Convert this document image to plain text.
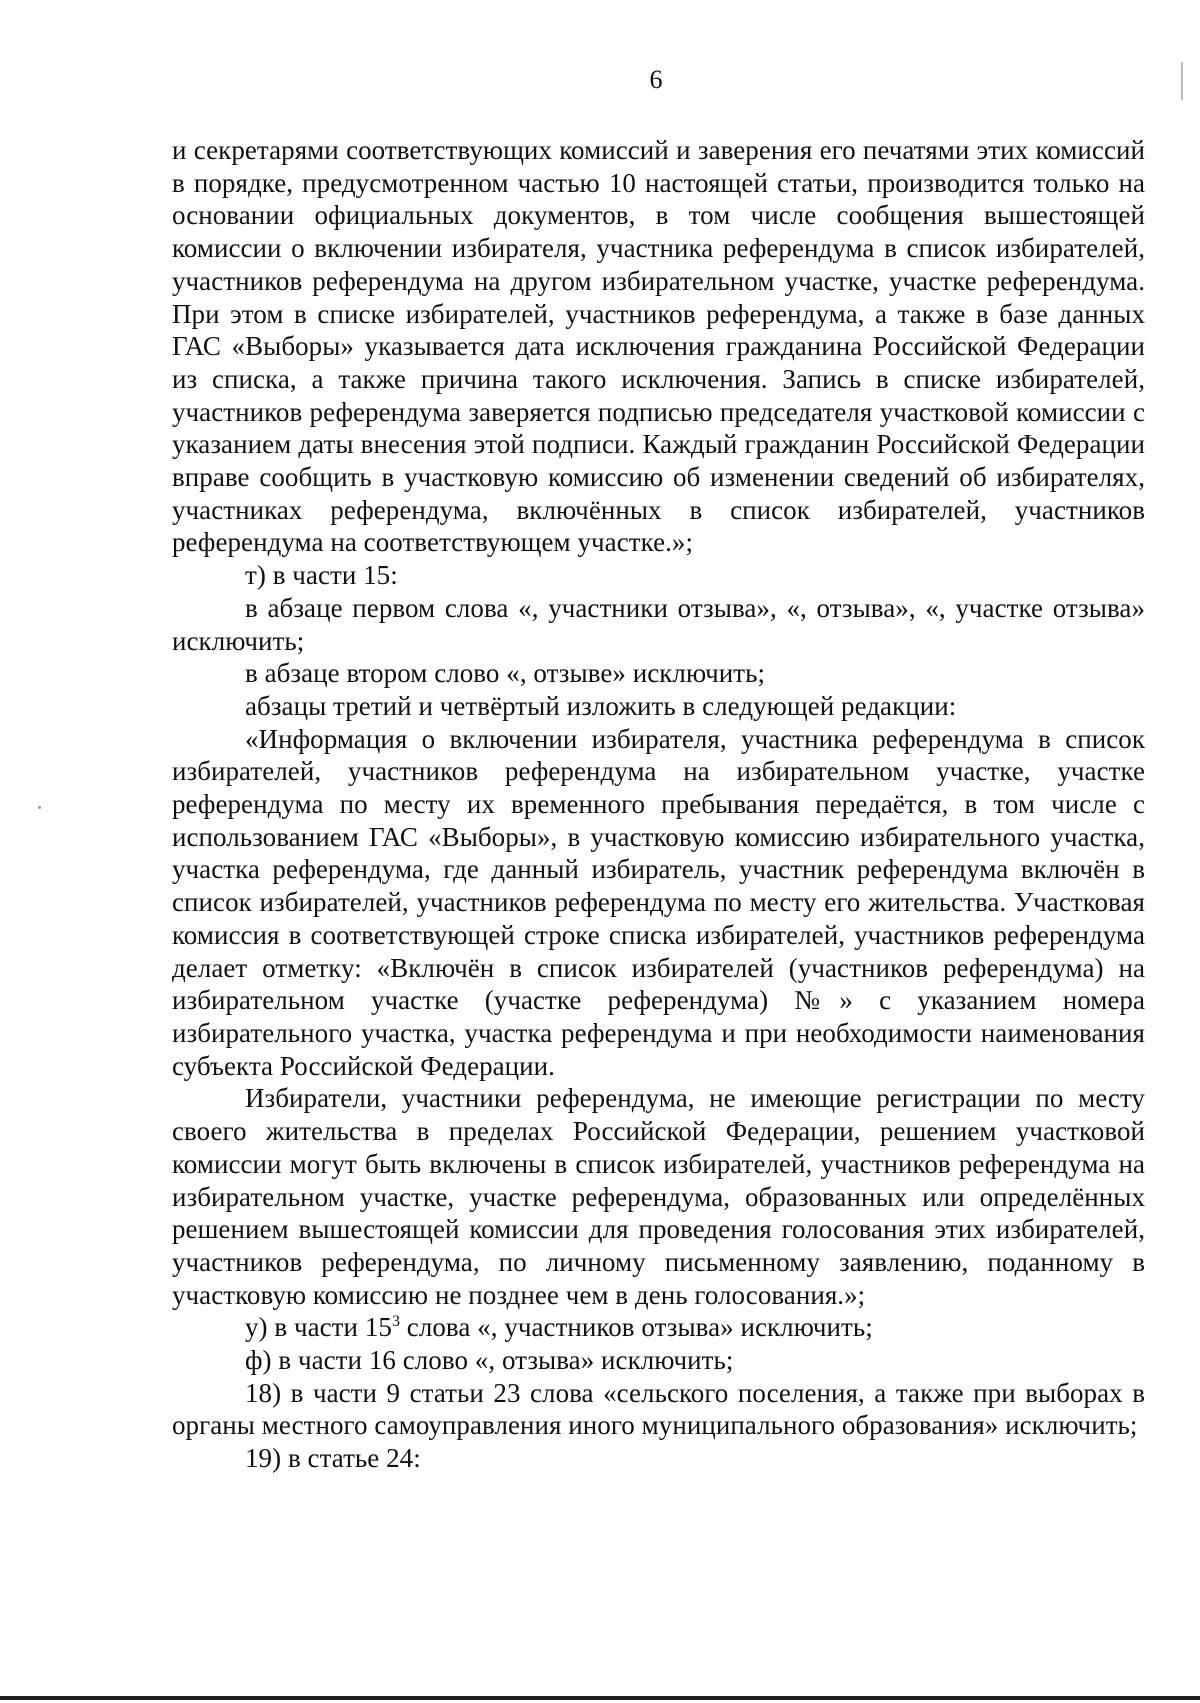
6

и секретарями соответствующих комиссий и заверения его печатями этих комиссий в порядке, предусмотренном частью 10 настоящей статьи, производится только на основании официальных документов, в том числе сообщения вышестоящей комиссии о включении избирателя, участника референдума в список избирателей, участников референдума на другом избирательном участке, участке референдума. При этом в списке избирателей, участников референдума, а также в базе данных ГАС «Выборы» указывается дата исключения гражданина Российской Федерации из списка, а также причина такого исключения. Запись в списке избирателей, участников референдума заверяется подписью председателя участковой комиссии с указанием даты внесения этой подписи. Каждый гражданин Российской Федерации вправе сообщить в участковую комиссию об изменении сведений об избирателях, участниках референдума, включённых в список избирателей, участников референдума на соответствующем участке.»;

т) в части 15:

в абзаце первом слова «, участники отзыва», «, отзыва», «, участке отзыва» исключить;

в абзаце втором слово «, отзыве» исключить;

абзацы третий и четвёртый изложить в следующей редакции:

«Информация о включении избирателя, участника референдума в список избирателей, участников референдума на избирательном участке, участке референдума по месту их временного пребывания передаётся, в том числе с использованием ГАС «Выборы», в участковую комиссию избирательного участка, участка референдума, где данный избиратель, участник референдума включён в список избирателей, участников референдума по месту его жительства. Участковая комиссия в соответствующей строке списка избирателей, участников референдума делает отметку: «Включён в список избирателей (участников референдума) на избирательном участке (участке референдума) №» с указанием номера избирательного участка, участка референдума и при необходимости наименования субъекта Российской Федерации.

Избиратели, участники референдума, не имеющие регистрации по месту своего жительства в пределах Российской Федерации, решением участковой комиссии могут быть включены в список избирателей, участников референдума на избирательном участке, участке референдума, образованных или определённых решением вышестоящей комиссии для проведения голосования этих избирателей, участников референдума, по личному письменному заявлению, поданному в участковую комиссию не позднее чем в день голосования.»;

у) в части $15^3$ слова «, участников отзыва» исключить;

ф) в части 16 слово «, отзыва» исключить;

18) в части 9 статьи 23 слова «сельского поселения, а также при выборах в органы местного самоуправления иного муниципального образования» исключить;

19) в статье 24:
